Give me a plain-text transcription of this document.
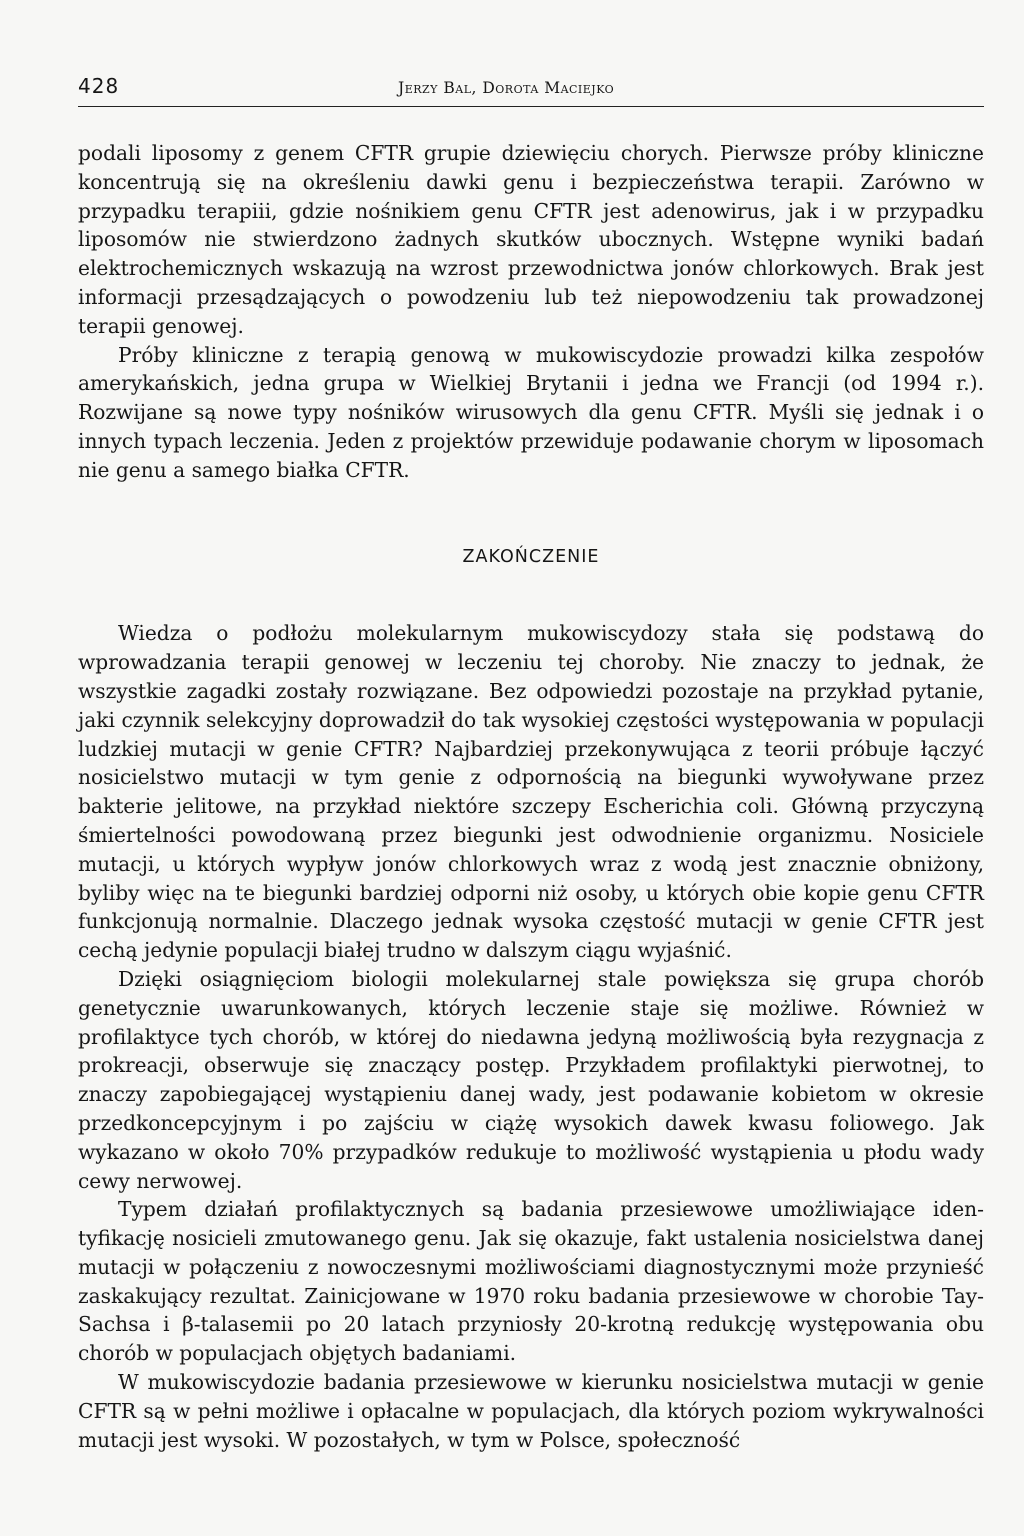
428	Jerzy Bal, Dorota Maciejko

podali liposomy z genem CFTR grupie dziewięciu chorych. Pierwsze próby kliniczne koncentrują się na określeniu dawki genu i bezpieczeństwa terapii. Zarówno w przypadku terapiii, gdzie nośnikiem genu CFTR jest adenowirus, jak i w przypadku liposomów nie stwierdzono żadnych skutków ubocznych. Wstępne wyniki badań elektrochemicznych wskazują na wzrost przewodnictwa jonów chlorkowych. Brak jest informacji przesądzających o powodzeniu lub też niepowodzeniu tak prowadzonej terapii genowej.

Próby kliniczne z terapią genową w mukowiscydozie prowadzi kilka zespołów amerykańskich, jedna grupa w Wielkiej Brytanii i jedna we Francji (od 1994 r.). Rozwijane są nowe typy nośników wirusowych dla genu CFTR. Myśli się jednak i o innych typach leczenia. Jeden z projektów przewiduje podawanie chorym w liposomach nie genu a samego białka CFTR.

ZAKOŃCZENIE

Wiedza o podłożu molekularnym mukowiscydozy stała się podstawą do wprowadzania terapii genowej w leczeniu tej choroby. Nie znaczy to jednak, że wszystkie zagadki zostały rozwiązane. Bez odpowiedzi pozostaje na przykład pytanie, jaki czynnik selekcyjny doprowadził do tak wysokiej częstości występowania w populacji ludzkiej mutacji w genie CFTR? Najbardziej przekonywująca z teorii próbuje łączyć nosicielstwo mutacji w tym genie z odpornością na biegunki wywoływane przez bakterie jelitowe, na przykład niektóre szczepy Escherichia coli. Główną przyczyną śmiertelności powodowaną przez biegunki jest odwodnienie organizmu. Nosiciele mutacji, u których wypływ jonów chlorkowych wraz z wodą jest znacznie obniżony, byliby więc na te biegunki bardziej odporni niż osoby, u których obie kopie genu CFTR funkcjonują normalnie. Dlaczego jednak wysoka częstość mutacji w genie CFTR jest cechą jedynie populacji białej trudno w dalszym ciągu wyjaśnić.

Dzięki osiągnięciom biologii molekularnej stale powiększa się grupa chorób genetycznie uwarunkowanych, których leczenie staje się możliwe. Również w profilaktyce tych chorób, w której do niedawna jedyną możliwością była rezygnacja z prokreacji, obserwuje się znaczący postęp. Przykładem profilaktyki pierwotnej, to znaczy zapobiegającej wystąpieniu danej wady, jest podawanie kobietom w okresie przedkoncepcyjnym i po zajściu w ciążę wysokich dawek kwasu foliowego. Jak wykazano w około 70% przypadków redukuje to możliwość wystąpienia u płodu wady cewy nerwowej.

Typem działań profilaktycznych są badania przesiewowe umożliwiające identyfikację nosicieli zmutowanego genu. Jak się okazuje, fakt ustalenia nosicielstwa danej mutacji w połączeniu z nowoczesnymi możliwościami diagnostycznymi może przynieść zaskakujący rezultat. Zainicjowane w 1970 roku badania przesiewowe w chorobie Tay-Sachsa i β-talasemii po 20 latach przyniosły 20-krotną redukcję występowania obu chorób w populacjach objętych badaniami.

W mukowiscydozie badania przesiewowe w kierunku nosicielstwa mutacji w genie CFTR są w pełni możliwe i opłacalne w populacjach, dla których poziom wykrywalności mutacji jest wysoki. W pozostałych, w tym w Polsce, społeczność
